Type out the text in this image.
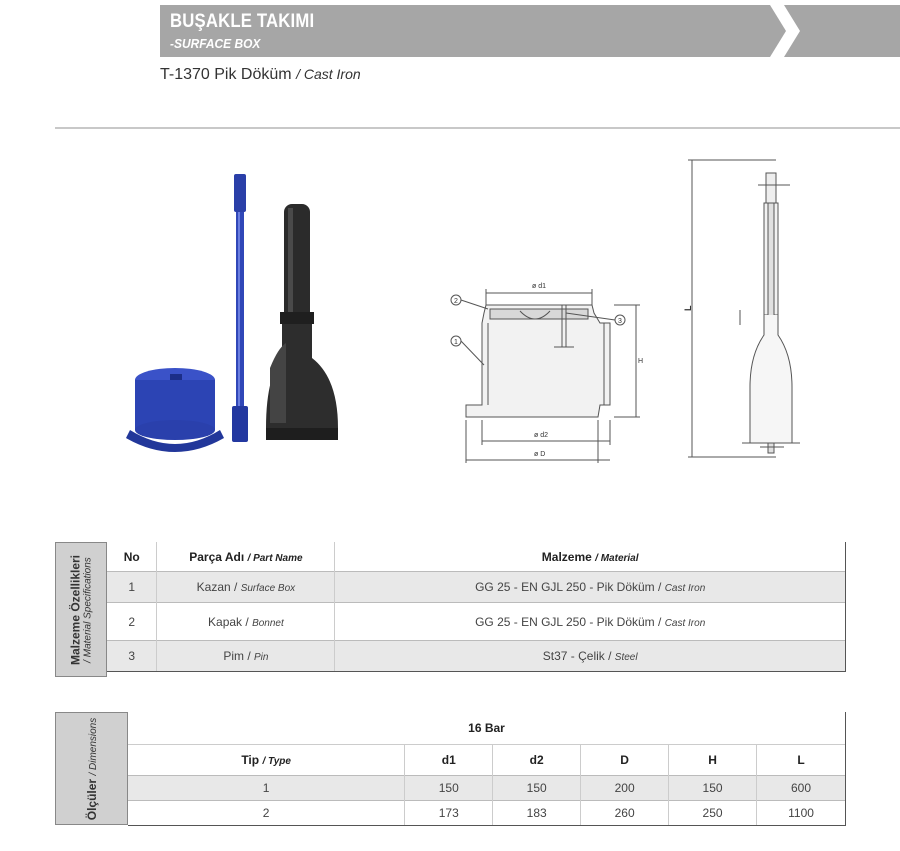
BUŞAKLE TAKIMI
-SURFACE BOX
T-1370 Pik Döküm / Cast Iron
ø d1
ø d2
ø D
H
2
1
3
L
Malzeme Özellikleri / Material Specifications
No	Parça Adı / Part Name	Malzeme / Material
1	Kazan / Surface Box	GG 25 - EN GJL 250 - Pik Döküm / Cast Iron
2	Kapak / Bonnet	GG 25 - EN GJL 250 - Pik Döküm / Cast Iron
3	Pim / Pin	St37 - Çelik / Steel
Ölçüler / Dimensions	16 Bar					
Tip / Type	d1	d2	D	H	L
1	150	150	200	150	600
2	173	183	260	250	1100
